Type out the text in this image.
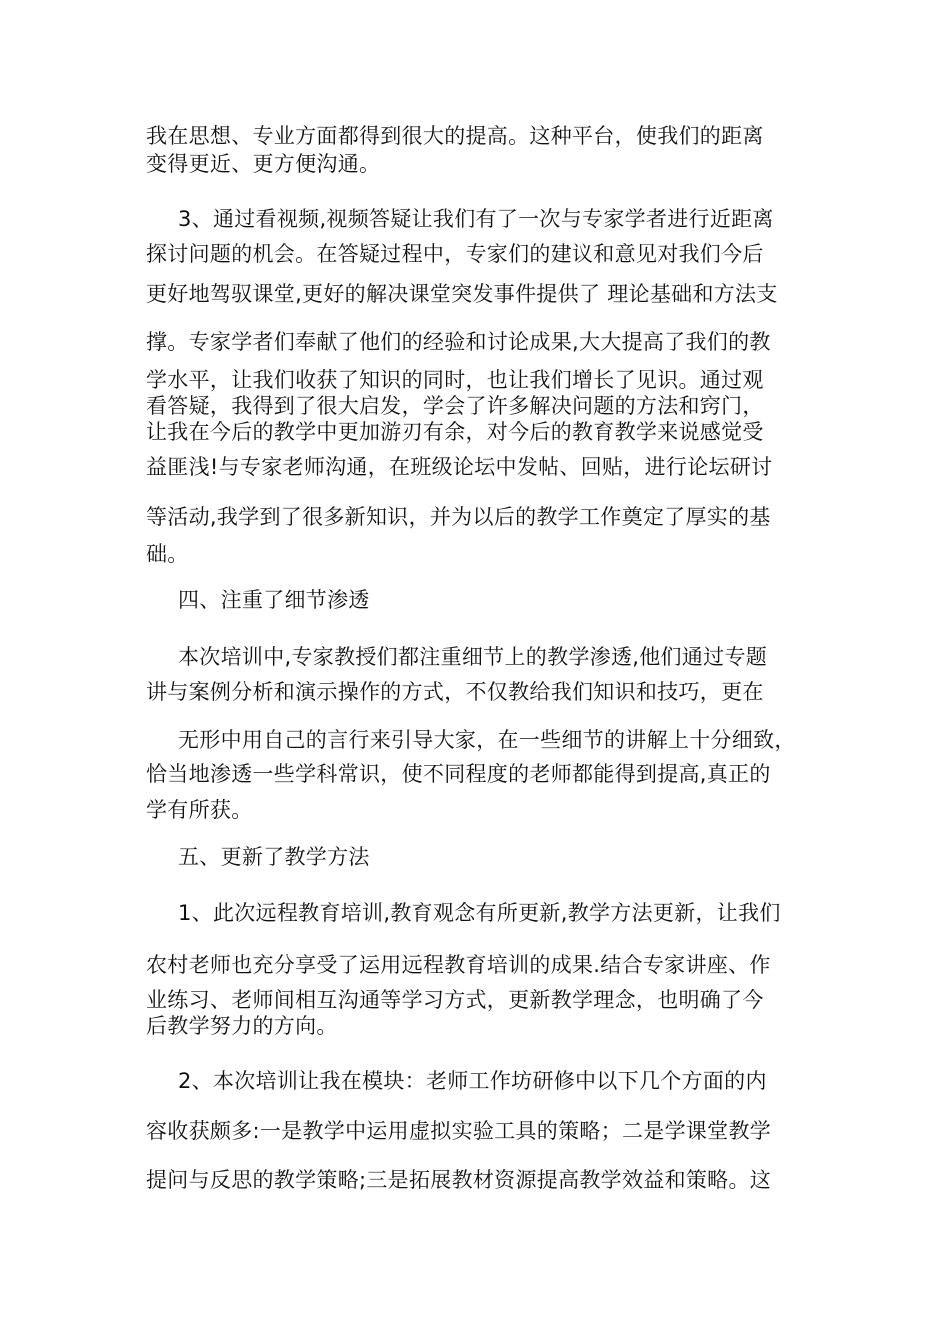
我在思想、专业方面都得到很大的提高。这种平台，使我们的距离
变得更近、更方便沟通。
3、通过看视频,视频答疑让我们有了一次与专家学者进行近距离
探讨问题的机会。在答疑过程中，专家们的建议和意见对我们今后
更好地驾驭课堂,更好的解决课堂突发事件提供了 理论基础和方法支
撑。专家学者们奉献了他们的经验和讨论成果,大大提高了我们的教
学水平，让我们收获了知识的同时，也让我们增长了见识。通过观
看答疑，我得到了很大启发，学会了许多解决问题的方法和窍门，
让我在今后的教学中更加游刃有余，对今后的教育教学来说感觉受
益匪浅!与专家老师沟通，在班级论坛中发帖、回贴，进行论坛研讨
等活动,我学到了很多新知识，并为以后的教学工作奠定了厚实的基
础。
四、注重了细节渗透
本次培训中,专家教授们都注重细节上的教学渗透,他们通过专题
讲与案例分析和演示操作的方式，不仅教给我们知识和技巧，更在
无形中用自己的言行来引导大家，在一些细节的讲解上十分细致，
恰当地渗透一些学科常识，使不同程度的老师都能得到提高,真正的
学有所获。
五、更新了教学方法
1、此次远程教育培训,教育观念有所更新,教学方法更新，让我们
农村老师也充分享受了运用远程教育培训的成果.结合专家讲座、作
业练习、老师间相互沟通等学习方式，更新教学理念，也明确了今
后教学努力的方向。
2、本次培训让我在模块：老师工作坊研修中以下几个方面的内
容收获颇多:一是教学中运用虚拟实验工具的策略；二是学课堂教学
提问与反思的教学策略;三是拓展教材资源提高教学效益和策略。这
